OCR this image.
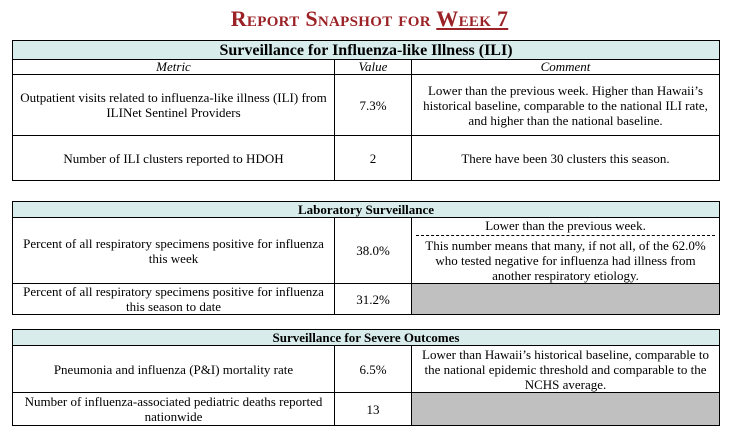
Report Snapshot for Week 7
Surveillance for Influenza-like Illness (ILI)		
Metric	Value	Comment
Outpatient visits related to influenza-like illness (ILI) from ILINet Sentinel Providers	7.3%	Lower than the previous week. Higher than Hawaii’s historical baseline, comparable to the national ILI rate, and higher than the national baseline.
Number of ILI clusters reported to HDOH	2	There have been 30 clusters this season.
Laboratory Surveillance		
Percent of all respiratory specimens positive for influenza this week	38.0%	Lower than the previous week.
This number means that many, if not all, of the 62.0% who tested negative for influenza had illness from another respiratory etiology.

Percent of all respiratory specimens positive for influenza this season to date	31.2%	
Surveillance for Severe Outcomes		
Pneumonia and influenza (P&I) mortality rate	6.5%	Lower than Hawaii’s historical baseline, comparable to the national epidemic threshold and comparable to the NCHS average.
Number of influenza-associated pediatric deaths reported nationwide	13	
